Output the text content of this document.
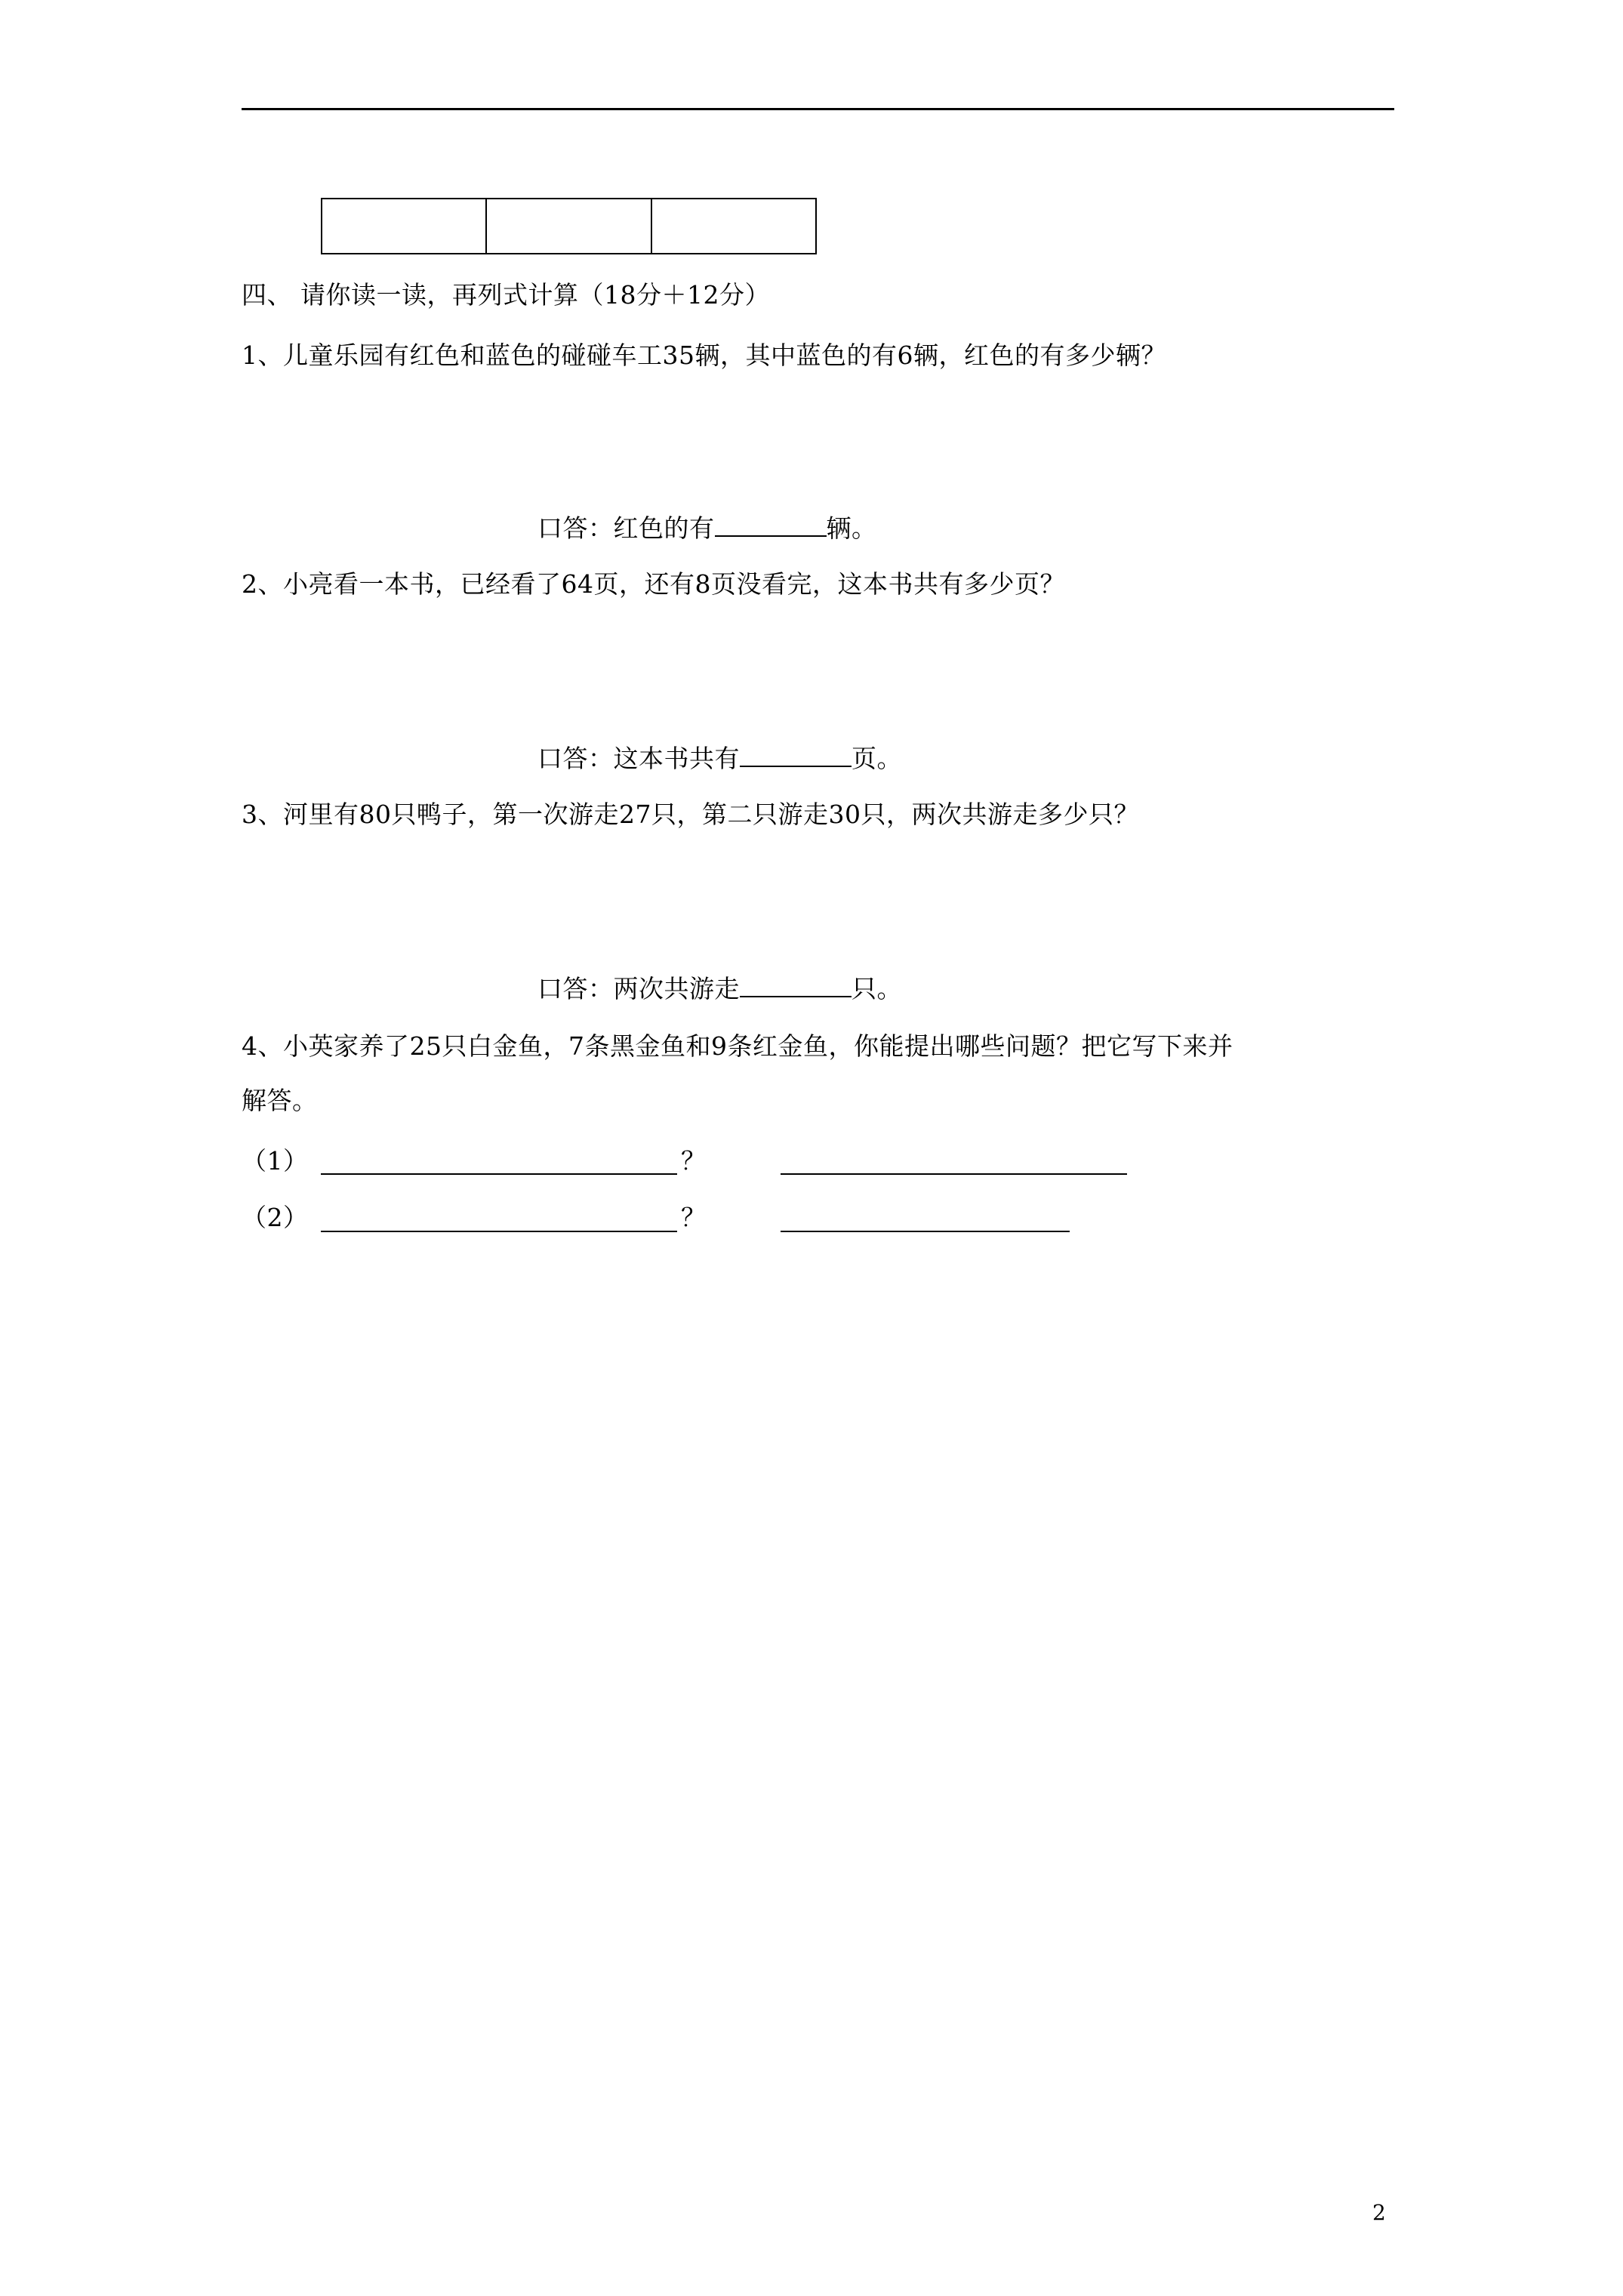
四、 请你读一读，再列式计算（18分＋12分）
1、儿童乐园有红色和蓝色的碰碰车工35辆，其中蓝色的有6辆，红色的有多少辆？
口答：红色的有	辆。
2、小亮看一本书，已经看了64页，还有8页没看完，这本书共有多少页？
口答：这本书共有	页。
3、河里有80只鸭子，第一次游走27只，第二只游走30只，两次共游走多少只？
口答：两次共游走	只。
4、小英家养了25只白金鱼，7条黑金鱼和9条红金鱼，你能提出哪些问题？把它写下来并
解答。
（1）	？
（2）	？
2
